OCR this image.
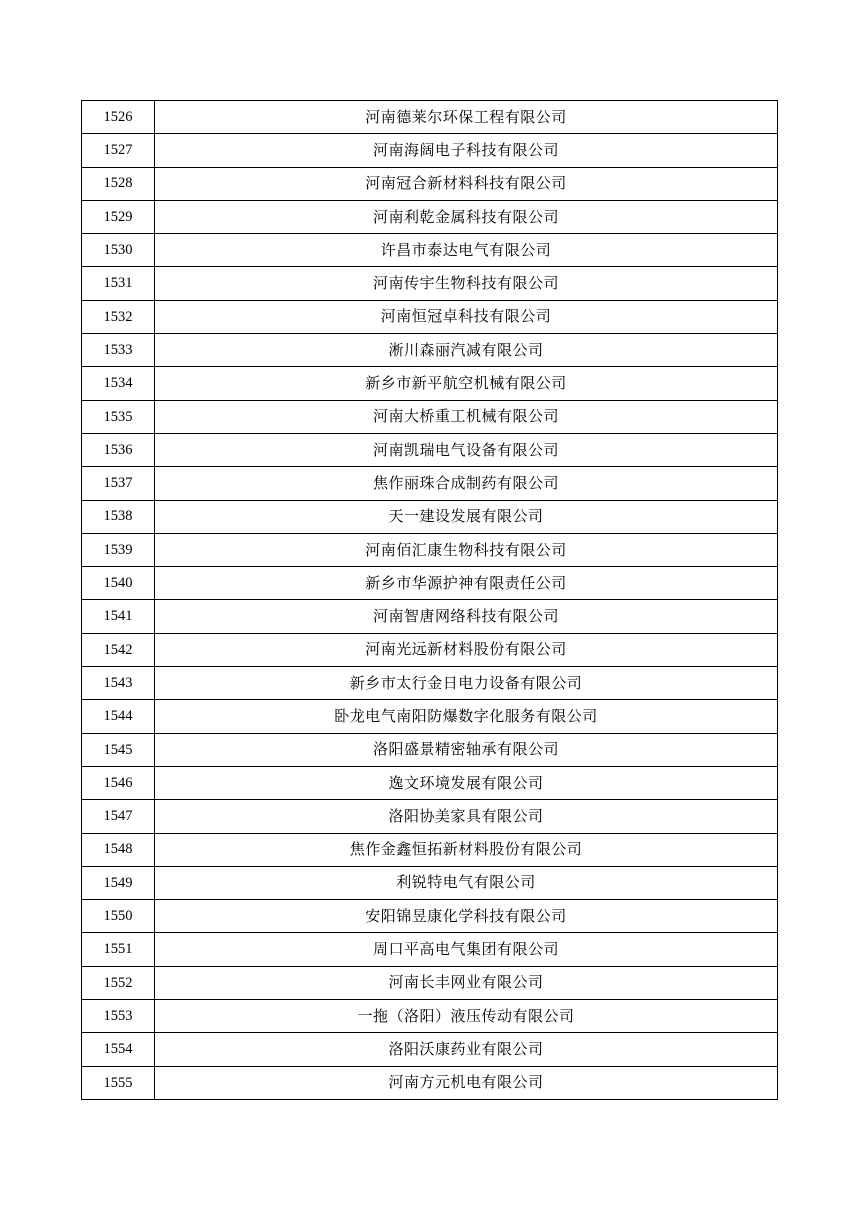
1526	河南德莱尔环保工程有限公司
1527	河南海阔电子科技有限公司
1528	河南冠合新材料科技有限公司
1529	河南利乾金属科技有限公司
1530	许昌市泰达电气有限公司
1531	河南传宇生物科技有限公司
1532	河南恒冠卓科技有限公司
1533	淅川森丽汽减有限公司
1534	新乡市新平航空机械有限公司
1535	河南大桥重工机械有限公司
1536	河南凯瑞电气设备有限公司
1537	焦作丽珠合成制药有限公司
1538	天一建设发展有限公司
1539	河南佰汇康生物科技有限公司
1540	新乡市华源护神有限责任公司
1541	河南智唐网络科技有限公司
1542	河南光远新材料股份有限公司
1543	新乡市太行金日电力设备有限公司
1544	卧龙电气南阳防爆数字化服务有限公司
1545	洛阳盛景精密轴承有限公司
1546	逸文环境发展有限公司
1547	洛阳协美家具有限公司
1548	焦作金鑫恒拓新材料股份有限公司
1549	利锐特电气有限公司
1550	安阳锦昱康化学科技有限公司
1551	周口平高电气集团有限公司
1552	河南长丰网业有限公司
1553	一拖（洛阳）液压传动有限公司
1554	洛阳沃康药业有限公司
1555	河南方元机电有限公司
